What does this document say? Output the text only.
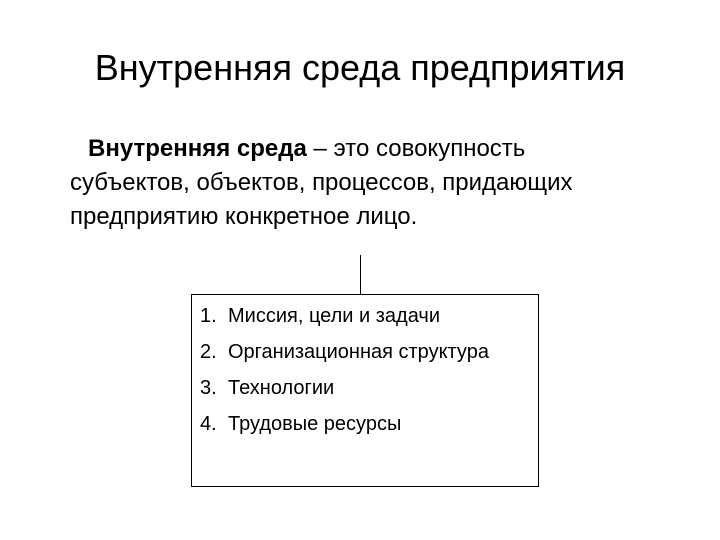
Внутренняя среда предприятия

Внутренняя среда – это совокупность
субъектов, объектов, процессов, придающих
предприятию конкретное лицо.

1. Миссия, цели и задачи
2. Организационная структура
3. Технологии
4. Трудовые ресурсы
